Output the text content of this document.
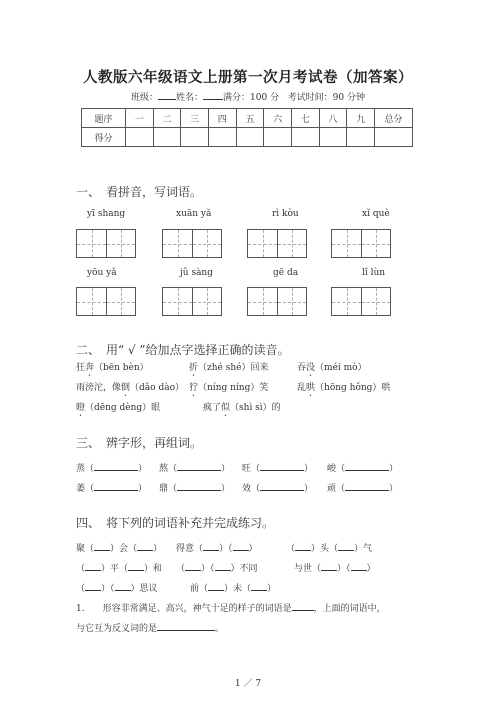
人教版六年级语文上册第一次月考试卷（加答案）
班级： 姓名： 满分：100 分 考试时间：90 分钟
题序	一	二	三	四	五	六	七	八	九	总分
得分										
一、　看拼音，写词语。
yī shang	xuān yǎ	rì kòu	xǐ què
yōu yǎ	jǔ sàng	gē da	lǐ lùn
二、　用“ √ ”给加点字选择正确的读音。
狂奔（bēn bèn）	折（zhé shé）回来	吞没（méi mò）
雨滂沱，像倒（dǎo dào） 狞（níng níng）笑	乱哄（hōng hǒng）哄
瞪（dēng dèng）眼	疯了似（shì sì）的
三、　辨字形，再组词。
蒸（	） 熬（	） 旺（	） 峻（	）
萎（	） 鼎（	） 效（	） 顽（	）
四、　将下列的词语补充并完成练习。
聚（ ）会（ ） 得意（ ）（ ）	（ ）头（ ）气
（ ）平（ ）和 （ ）（ ）不同	与世（ ）（ ）
（ ）（ ）思议	前（ ）未（ ）
1.　　形容非常满足、高兴，神气十足的样子的词语是 ，上面的词语中，
与它互为反义词的是	。
1 ／ 7
